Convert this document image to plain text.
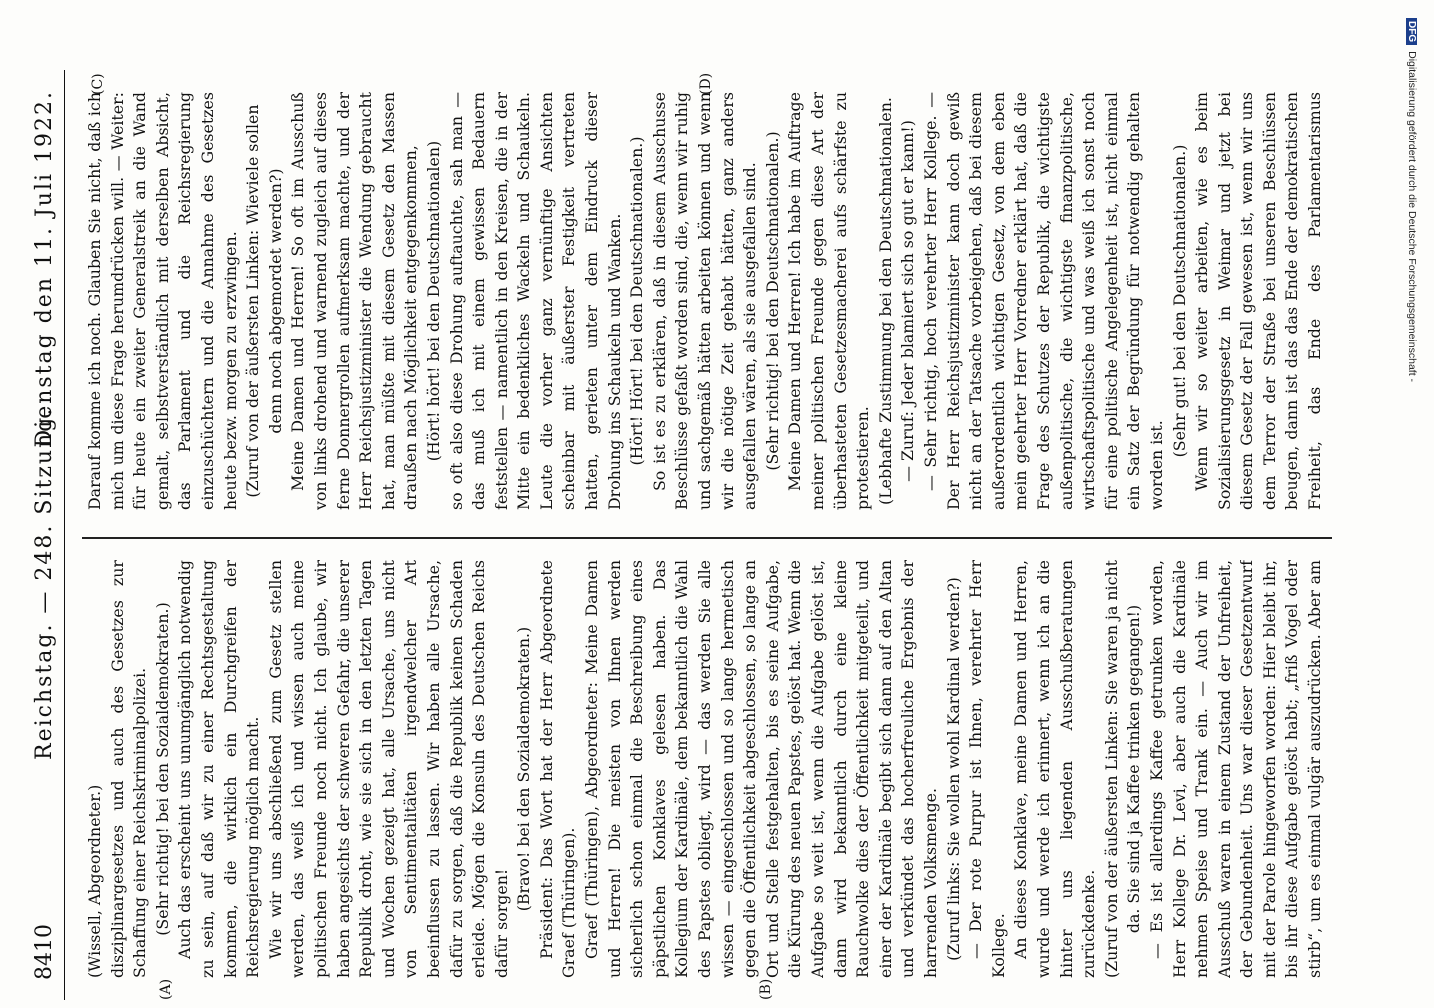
8410
Reichstag. — 248. Sitzung.
Dienstag den 11. Juli 1922.
(A)	(B)
(C)	(D)

(Wissell, Abgeordneter.) disziplinargesetzes und auch des Gesetzes zur Schaffung einer Reichskriminalpolizei. (Sehr richtig! bei den Sozialdemokraten.) Auch das erscheint uns unumgänglich notwendig zu sein, auf daß wir zu einer Rechtsgestaltung kommen, die wirklich ein Durchgreifen der Reichsregierung möglich macht. Wie wir uns abschließend zum Gesetz stellen werden, das weiß ich und wissen auch meine politischen Freunde noch nicht. Ich glaube, wir haben angesichts der schweren Gefahr, die unserer Republik droht, wie sie sich in den letzten Tagen und Wochen gezeigt hat, alle Ursache, uns nicht von Sentimentalitäten irgendwelcher Art beeinflussen zu lassen. Wir haben alle Ursache, dafür zu sorgen, daß die Republik keinen Schaden erleide. Mögen die Konsuln des Deutschen Reichs dafür sorgen!

(Bravo! bei den Sozialdemokraten.) Präsident: Das Wort hat der Herr Abgeordnete Graef (Thüringen). Graef (Thüringen), Abgeordneter: Meine Damen und Herren! Die meisten von Ihnen werden sicherlich schon einmal die Beschreibung eines päpstlichen Konklaves gelesen haben. Das Kollegium der Kardinäle, dem bekanntlich die Wahl des Papstes obliegt, wird — das werden Sie alle wissen — eingeschlossen und so lange hermetisch gegen die Öffentlichkeit abgeschlossen, so lange an Ort und Stelle festgehalten, bis es seine Aufgabe, die Kürung des neuen Papstes, gelöst hat. Wenn die Aufgabe so weit ist, wenn die Aufgabe gelöst ist, dann wird bekanntlich durch eine kleine Rauchwolke dies der Öffentlichkeit mitgeteilt, und einer der Kardinäle begibt sich dann auf den Altan und verkündet das hocherfreuliche Ergebnis der harrenden Volksmenge. (Zuruf links: Sie wollen wohl Kardinal werden?) — Der rote Purpur ist Ihnen, verehrter Herr Kollege. An dieses Konklave, meine Damen und Herren, wurde und werde ich erinnert, wenn ich an die hinter uns liegenden Ausschußberatungen zurückdenke. (Zuruf von der äußersten Linken: Sie waren ja nicht da. Sie sind ja Kaffee trinken gegangen!)

— Es ist allerdings Kaffee getrunken worden, Herr Kollege Dr. Levi, aber auch die Kardinäle nehmen Speise und Trank ein. — Auch wir im Ausschuß waren in einem Zustand der Unfreiheit, der Gebundenheit. Uns war dieser Gesetzentwurf mit der Parole hingeworfen worden: Hier bleibt ihr, bis ihr diese Aufgabe gelöst habt; „friß Vogel oder stirb“, um es einmal vulgär auszudrücken. Aber am

Darauf komme ich noch. Glauben Sie nicht, daß ich mich um diese Frage herumdrücken will. — Weiter: für heute ein zweiter Generalstreik an die Wand gemalt, selbstverständlich mit derselben Absicht, das Parlament und die Reichsregierung einzuschüchtern und die Annahme des Gesetzes heute bezw. morgen zu erzwingen. (Zuruf von der äußersten Linken: Wieviele sollen denn noch abgemordet werden?) Meine Damen und Herren! So oft im Ausschuß von links drohend und warnend zugleich auf dieses ferne Donnergrollen aufmerksam machte, und der Herr Reichsjustizminister die Wendung gebraucht hat, man müßte mit diesem Gesetz den Massen draußen nach Möglichkeit entgegenkommen, (Hört! hört! bei den Deutschnationalen) so oft also diese Drohung auftauchte, sah man — das muß ich mit einem gewissen Bedauern feststellen — namentlich in den Kreisen, die in der Mitte ein bedenkliches Wackeln und Schaukeln. Leute die vorher ganz vernünftige Ansichten scheinbar mit äußerster Festigkeit vertreten hatten, gerieten unter dem Eindruck dieser Drohung ins Schaukeln und Wanken. (Hört! Hört! bei den Deutschnationalen.) So ist es zu erklären, daß in diesem Ausschusse Beschlüsse gefaßt worden sind, die, wenn wir ruhig und sachgemäß hätten arbeiten können und wenn wir die nötige Zeit gehabt hätten, ganz anders ausgefallen wären, als sie ausgefallen sind. (Sehr richtig! bei den Deutschnationalen.) Meine Damen und Herren! Ich habe im Auftrage meiner politischen Freunde gegen diese Art der überhasteten Gesetzesmacherei aufs schärfste zu protestieren. (Lebhafte Zustimmung bei den Deutschnationalen. — Zuruf: Jeder blamiert sich so gut er kann!) — Sehr richtig, hoch verehrter Herr Kollege. — Der Herr Reichsjustizminister kann doch gewiß nicht an der Tatsache vorbeigehen, daß bei diesem außerordentlich wichtigen Gesetz, von dem eben mein geehrter Herr Vorredner erklärt hat, daß die Frage des Schutzes der Republik, die wichtigste außenpolitische, die wichtigste finanzpolitische, wirtschaftspolitische und was weiß ich sonst noch für eine politische Angelegenheit ist, nicht einmal ein Satz der Begründung für notwendig gehalten worden ist.

(Sehr gut! bei den Deutschnationalen.)

Wenn wir so weiter arbeiten, wie es beim Sozialisierungsgesetz in Weimar und jetzt bei diesem Gesetz der Fall gewesen ist, wenn wir uns dem Terror der Straße bei unseren Beschlüssen beugen, dann ist das das Ende der demokratischen Freiheit, das Ende des Parlamentarismus

DFGDigitalisierung gefördert durch die Deutsche Forschungsgemeinschaft -
